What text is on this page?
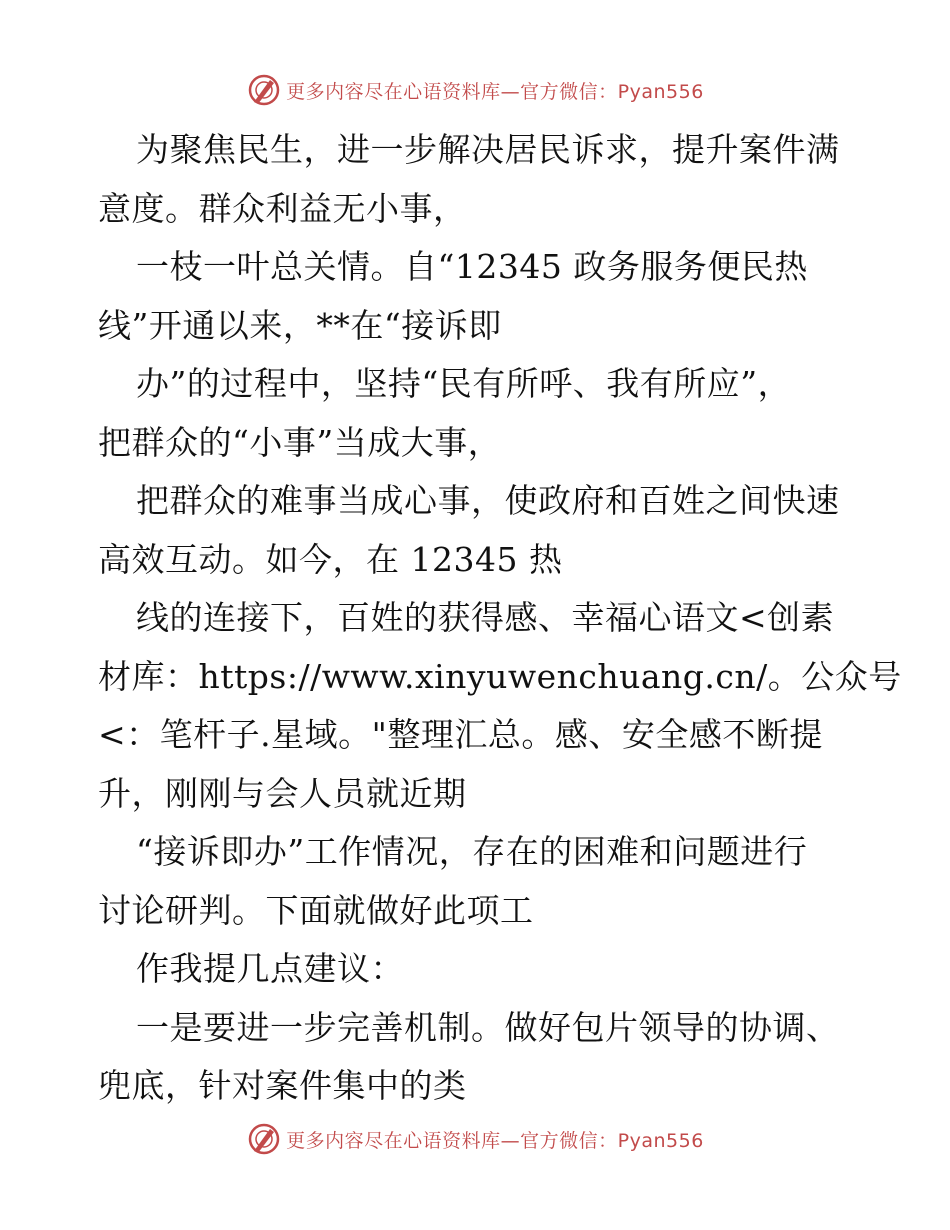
更多内容尽在心语资料库—官方微信：Pyan556
为聚焦民生，进一步解决居民诉求，提升案件满
意度。群众利益无小事，
一枝一叶总关情。自“12345 政务服务便民热
线”开通以来，**在“接诉即
办”的过程中，坚持“民有所呼、我有所应”，
把群众的“小事”当成大事，
把群众的难事当成心事，使政府和百姓之间快速
高效互动。如今，在 12345 热
线的连接下，百姓的获得感、幸福心语文<创素
材库：https://www.xinyuwenchuang.cn/。公众号
<：笔杆子.星域。"整理汇总。感、安全感不断提
升，刚刚与会人员就近期
“接诉即办”工作情况，存在的困难和问题进行
讨论研判。下面就做好此项工
作我提几点建议：
一是要进一步完善机制。做好包片领导的协调、
兜底，针对案件集中的类
更多内容尽在心语资料库—官方微信：Pyan556
